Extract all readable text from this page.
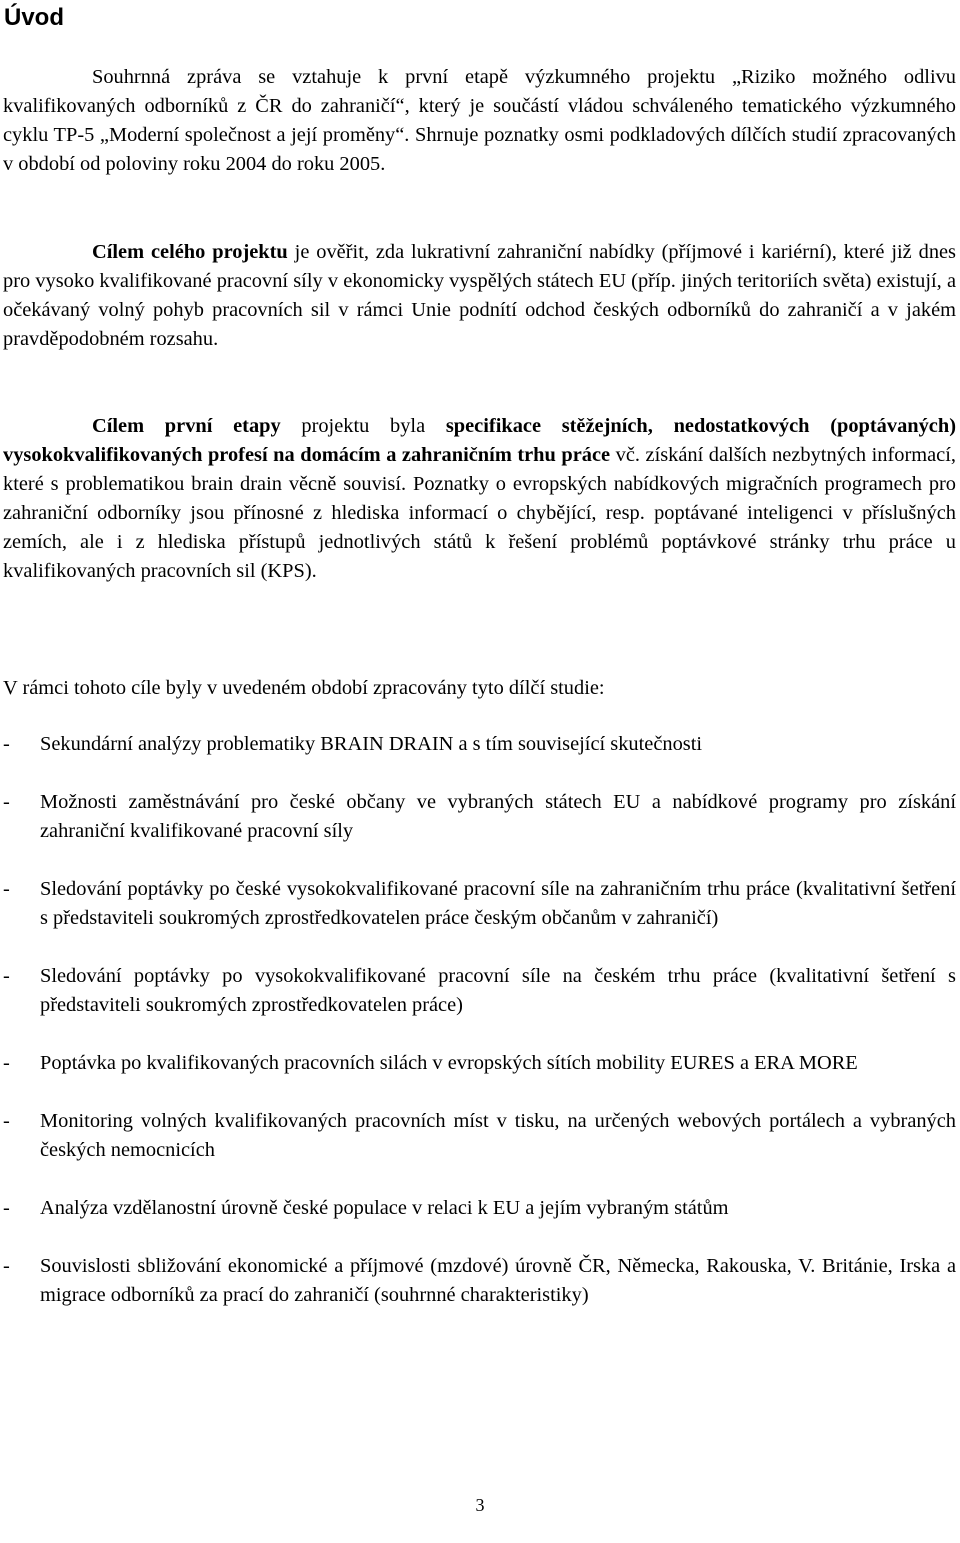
Úvod

Souhrnná zpráva se vztahuje k první etapě výzkumného projektu „Riziko možného odlivu kvalifikovaných odborníků z ČR do zahraničí“, který je součástí vládou schváleného tematického výzkumného cyklu TP-5 „Moderní společnost a její proměny“. Shrnuje poznatky osmi podkladových dílčích studií zpracovaných v období od poloviny roku 2004 do roku 2005.

Cílem celého projektu je ověřit, zda lukrativní zahraniční nabídky (příjmové i kariérní), které již dnes pro vysoko kvalifikované pracovní síly v ekonomicky vyspělých státech EU (příp. jiných teritoriích světa) existují, a očekávaný volný pohyb pracovních sil v rámci Unie podnítí odchod českých odborníků do zahraničí a v jakém pravděpodobném rozsahu.

Cílem první etapy projektu byla specifikace stěžejních, nedostatkových (poptávaných) vysokokvalifikovaných profesí na domácím a zahraničním trhu práce vč. získání dalších nezbytných informací, které s problematikou brain drain věcně souvisí. Poznatky o evropských nabídkových migračních programech pro zahraniční odborníky jsou přínosné z hlediska informací o chybějící, resp. poptávané inteligenci v příslušných zemích, ale i z hlediska přístupů jednotlivých států k řešení problémů poptávkové stránky trhu práce u kvalifikovaných pracovních sil (KPS).

V rámci tohoto cíle byly v uvedeném období zpracovány tyto dílčí studie:

-	Sekundární analýzy problematiky BRAIN DRAIN a s tím související skutečnosti
-	Možnosti zaměstnávání pro české občany ve vybraných státech EU a nabídkové programy pro získání zahraniční kvalifikované pracovní síly
-	Sledování poptávky po české vysokokvalifikované pracovní síle na zahraničním trhu práce (kvalitativní šetření s představiteli soukromých zprostředkovatelen práce českým občanům v zahraničí)
-	Sledování poptávky po vysokokvalifikované pracovní síle na českém trhu práce (kvalitativní šetření s představiteli soukromých zprostředkovatelen práce)
-	Poptávka po kvalifikovaných pracovních silách v evropských sítích mobility EURES a ERA MORE
-	Monitoring volných kvalifikovaných pracovních míst v tisku, na určených webových portálech a vybraných českých nemocnicích
-	Analýza vzdělanostní úrovně české populace v relaci k EU a jejím vybraným státům
-	Souvislosti sbližování ekonomické a příjmové (mzdové) úrovně ČR, Německa, Rakouska, V. Británie, Irska a migrace odborníků za prací do zahraničí (souhrnné charakteristiky)
3
